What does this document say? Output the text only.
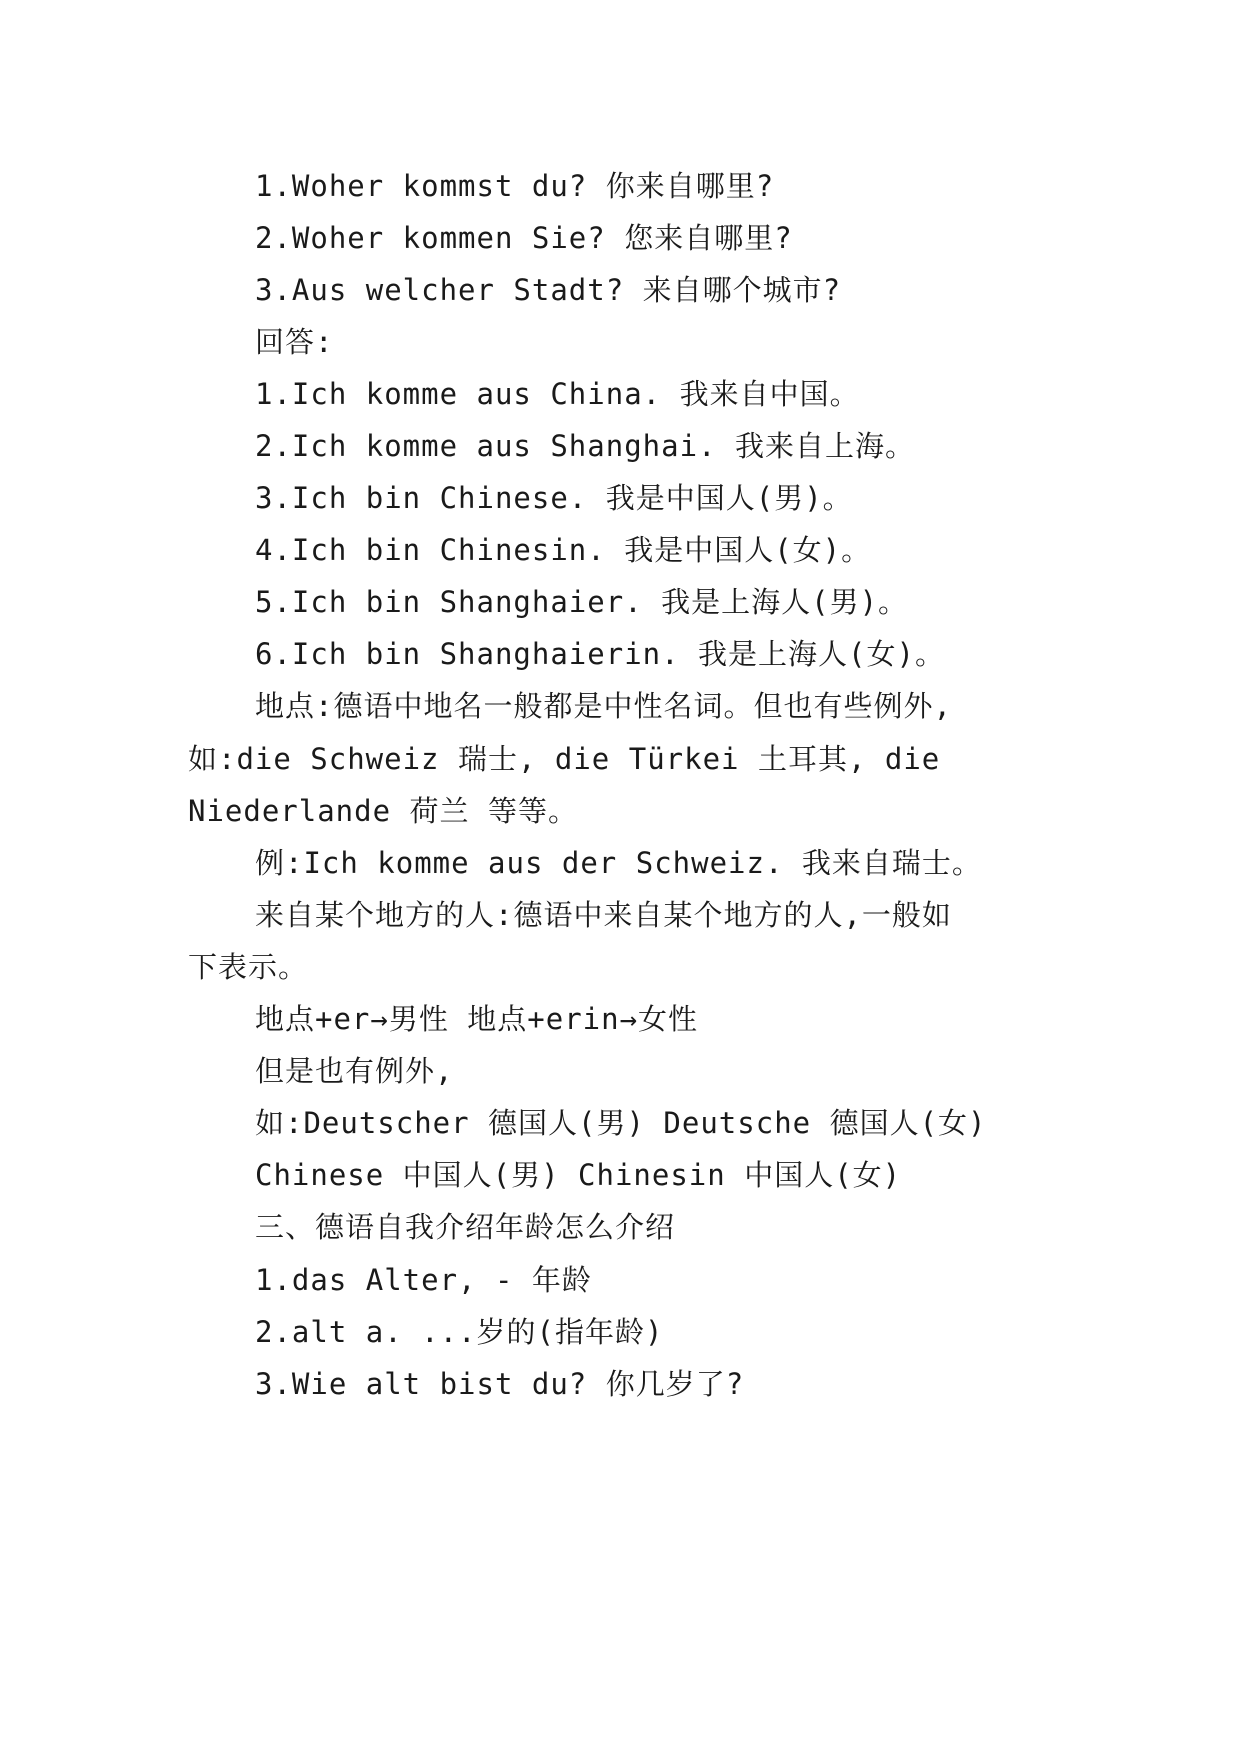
1.Woher kommst du? 你来自哪里?
2.Woher kommen Sie? 您来自哪里?
3.Aus welcher Stadt? 来自哪个城市?
回答:
1.Ich komme aus China. 我来自中国。
2.Ich komme aus Shanghai. 我来自上海。
3.Ich bin Chinese. 我是中国人(男)。
4.Ich bin Chinesin. 我是中国人(女)。
5.Ich bin Shanghaier. 我是上海人(男)。
6.Ich bin Shanghaierin. 我是上海人(女)。
地点:德语中地名一般都是中性名词。但也有些例外,
如:die Schweiz 瑞士, die Türkei 土耳其, die
Niederlande 荷兰 等等。
例:Ich komme aus der Schweiz. 我来自瑞士。
来自某个地方的人:德语中来自某个地方的人,一般如
下表示。
地点+er→男性 地点+erin→女性
但是也有例外,
如:Deutscher 德国人(男) Deutsche 德国人(女)
Chinese 中国人(男) Chinesin 中国人(女)
三、德语自我介绍年龄怎么介绍
1.das Alter, - 年龄
2.alt a. ...岁的(指年龄)
3.Wie alt bist du? 你几岁了?
